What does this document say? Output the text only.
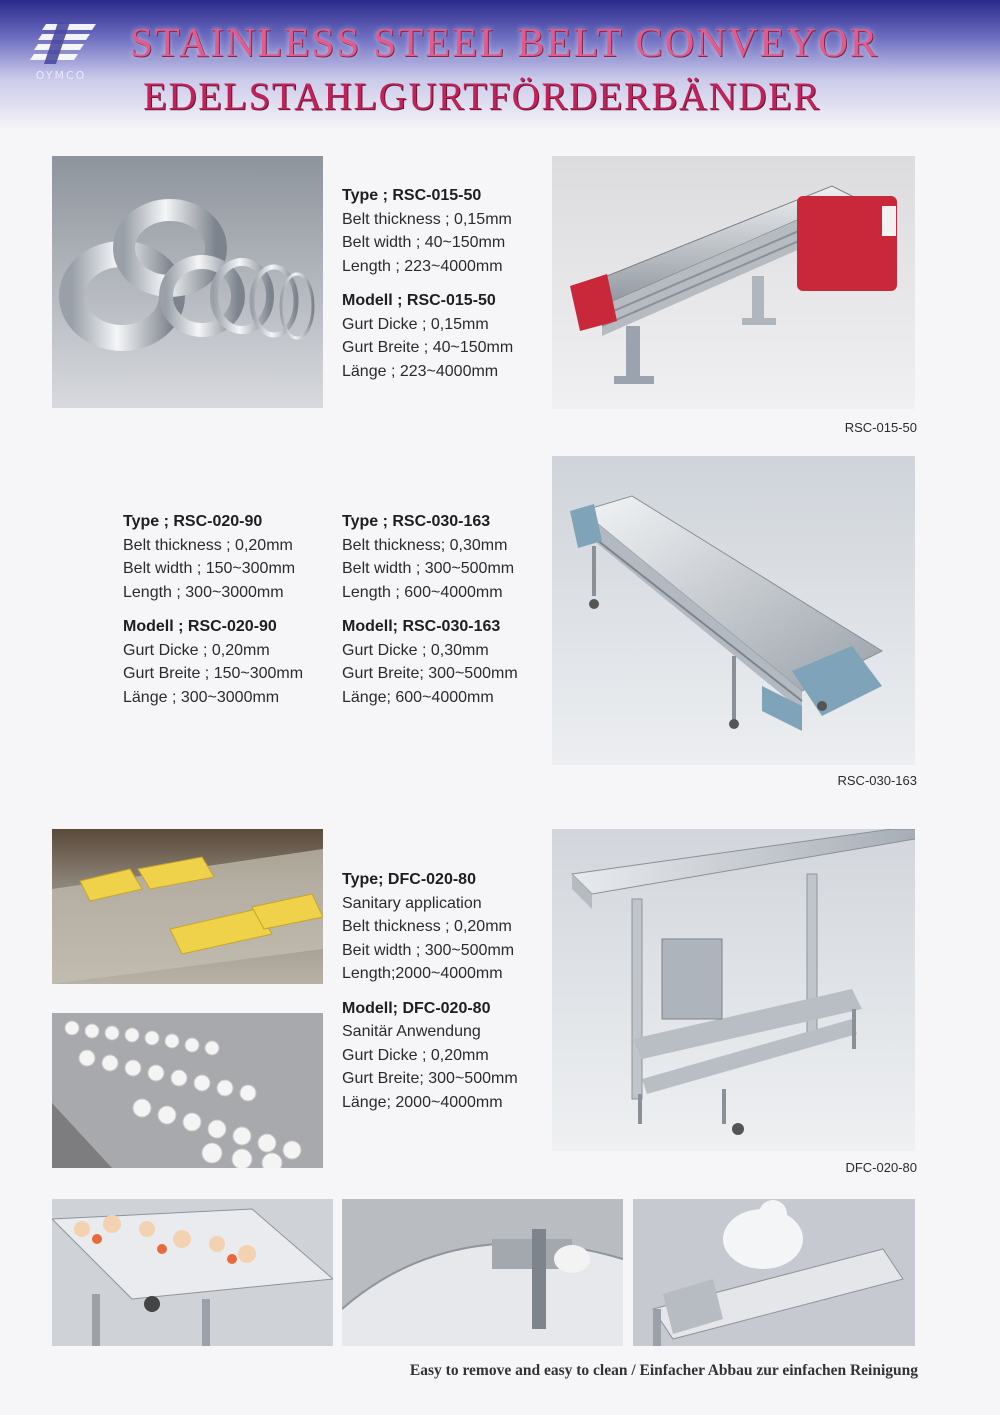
OYMCO
STAINLESS STEEL BELT CONVEYOR
EDELSTAHLGURTFÖRDERBÄNDER
Type ; RSC-015-50
Belt thickness ; 0,15mm
Belt width ; 40~150mm
Length ; 223~4000mm
Modell ; RSC-015-50
Gurt Dicke ; 0,15mm
Gurt Breite ; 40~150mm
Länge ; 223~4000mm
RSC-015-50
Type ; RSC-020-90
Belt thickness ; 0,20mm
Belt width ; 150~300mm
Length ; 300~3000mm
Modell ; RSC-020-90
Gurt Dicke ; 0,20mm
Gurt Breite ; 150~300mm
Länge ; 300~3000mm
Type ; RSC-030-163
Belt thickness; 0,30mm
Belt width ; 300~500mm
Length ; 600~4000mm
Modell; RSC-030-163
Gurt Dicke ; 0,30mm
Gurt Breite; 300~500mm
Länge; 600~4000mm
RSC-030-163
Type; DFC-020-80
Sanitary application
Belt thickness ; 0,20mm
Beit width ; 300~500mm
Length;2000~4000mm
Modell; DFC-020-80
Sanitär Anwendung
Gurt Dicke ; 0,20mm
Gurt Breite; 300~500mm
Länge; 2000~4000mm
DFC-020-80
Easy to remove and easy to clean / Einfacher Abbau zur einfachen Reinigung
